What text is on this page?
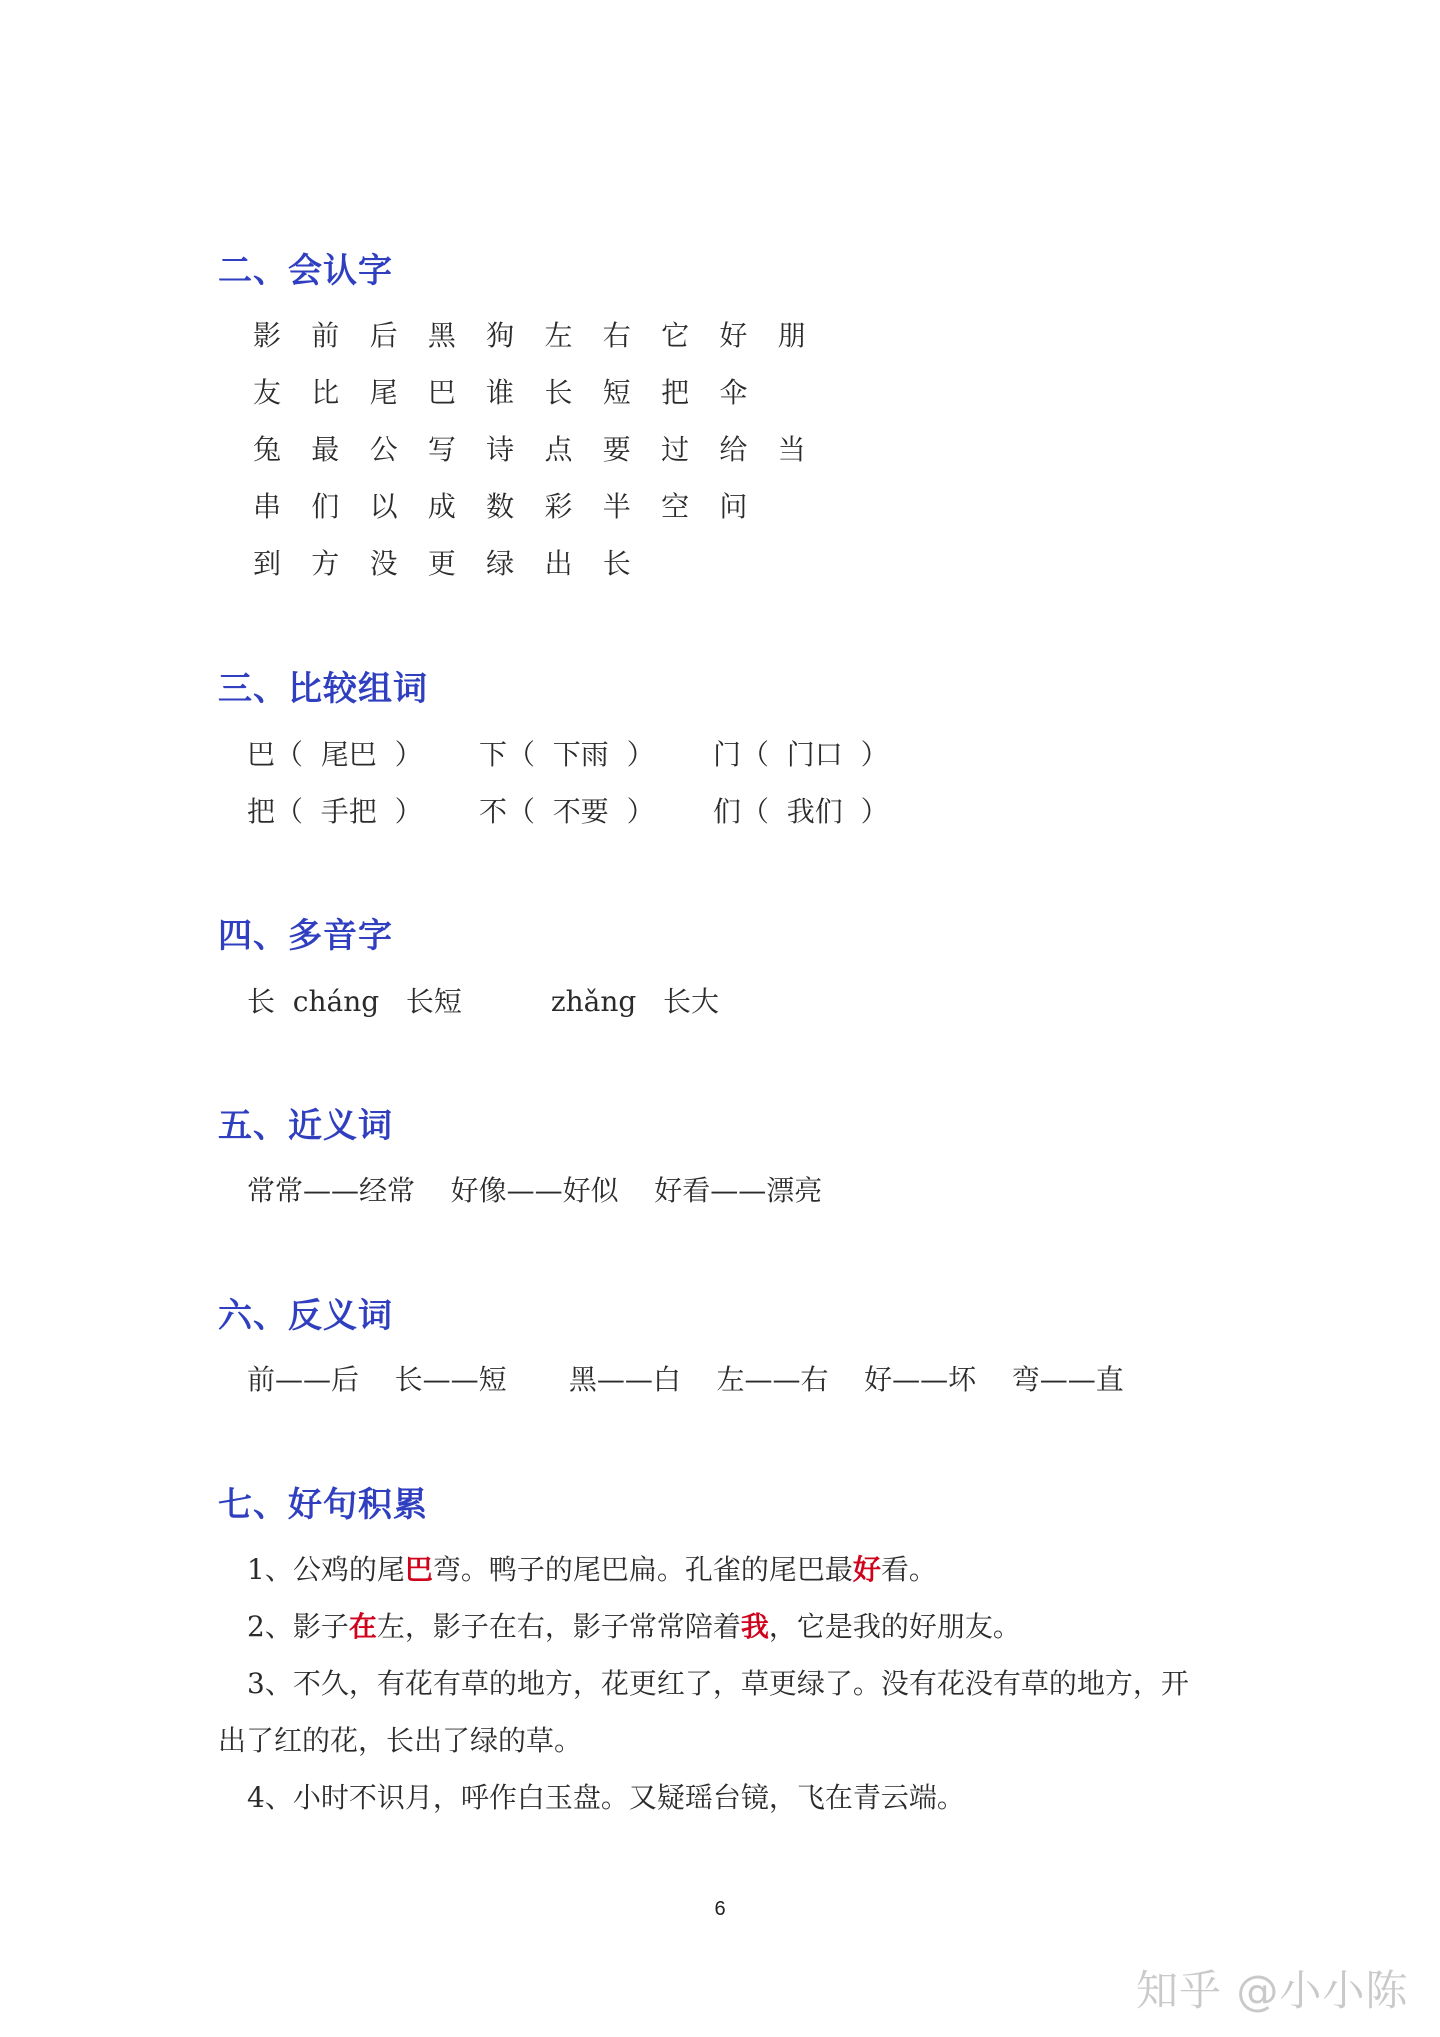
二、会认字
影 前 后 黑 狗 左 右 它 好 朋
友 比 尾 巴 谁 长 短 把 伞
兔 最 公 写 诗 点 要 过 给 当
串 们 以 成 数 彩 半 空 问
到 方 没 更 绿 出 长
三、比较组词
巴（  尾巴  ） 下（  下雨  ） 门（  门口  ）
把（  手把  ） 不（  不要  ） 们（  我们  ）
四、多音字
长  cháng   长短          zhǎng   长大
五、近义词
常常——经常    好像——好似    好看——漂亮
六、反义词
前——后    长——短       黑——白    左——右    好——坏    弯——直
七、好句积累
1、公鸡的尾巴弯。鸭子的尾巴扁。孔雀的尾巴最好看。
2、影子在左，影子在右，影子常常陪着我，它是我的好朋友。
3、不久，有花有草的地方，花更红了，草更绿了。没有花没有草的地方，开
出了红的花，长出了绿的草。
4、小时不识月，呼作白玉盘。又疑瑶台镜，飞在青云端。
6
知乎 @小小陈
